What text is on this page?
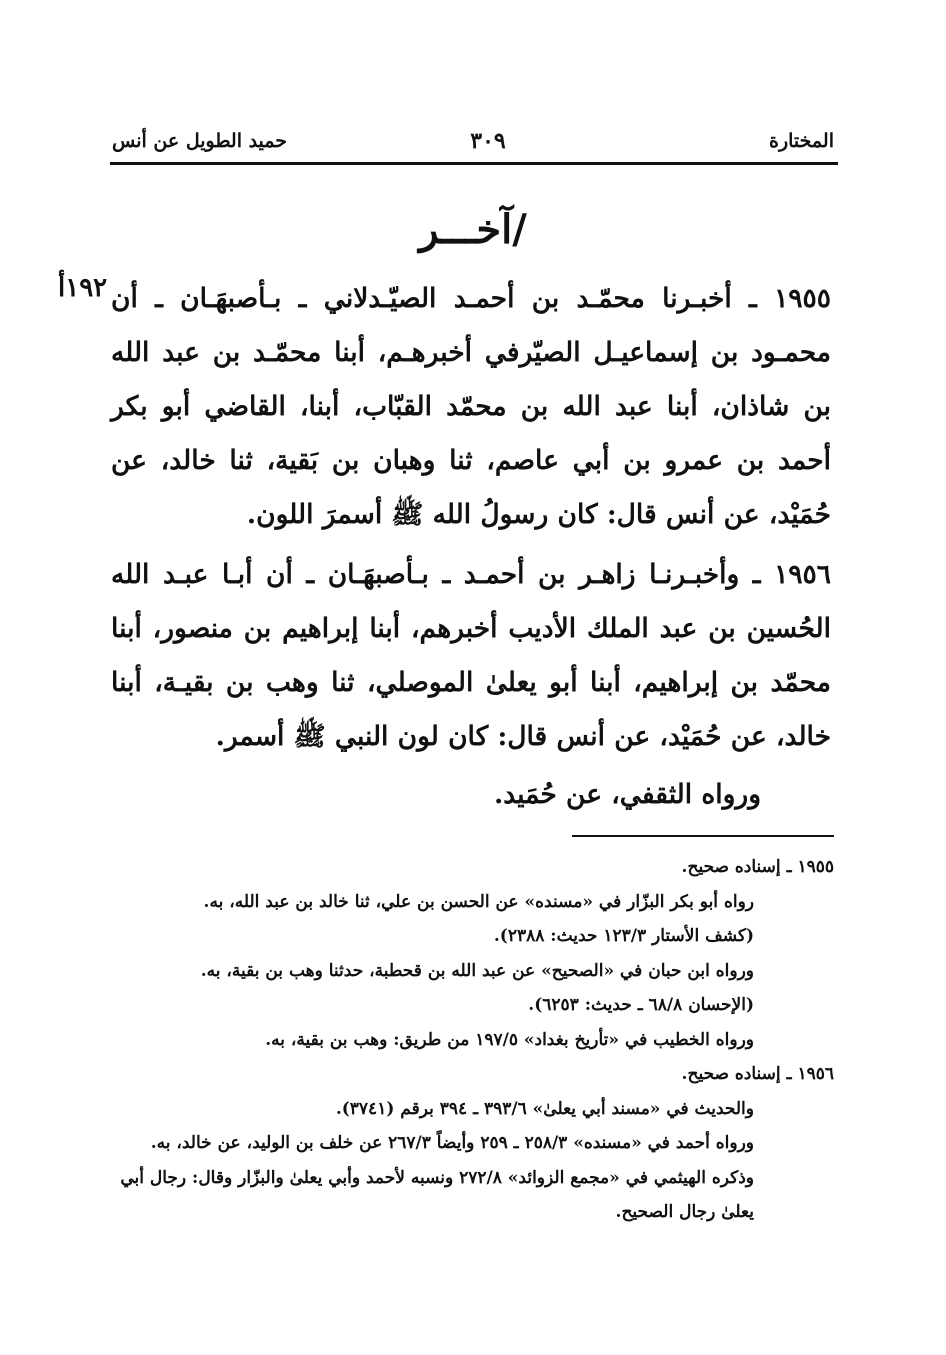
المختارة
٣٠٩
حميد الطويل عن أنس
/آخـــر
١٩٢أ ١٩٥٥ ـ أخبـرنا محمّـد بن أحمـد الصيّـدلاني ـ بـأصبهَـان ـ أن محمـود بن إسماعيـل الصيّرفي أخبرهـم، أبنا محمّـد بن عبد الله بن شاذان، أبنا عبد الله بن محمّد القبّاب، أبنا، القاضي أبو بكر أحمد بن عمرو بن أبي عاصم، ثنا وهبان بن بَقية، ثنا خالد، عن حُمَيْد، عن أنس قال: كان رسولُ الله ﷺ أسمرَ اللون.
١٩٥٦ ـ وأخبـرنـا زاهـر بن أحمـد ـ بـأصبهَـان ـ أن أبـا عبـد الله الحُسين بن عبد الملك الأديب أخبرهم، أبنا إبراهيم بن منصور، أبنا محمّد بن إبراهيم، أبنا أبو يعلىٰ الموصلي، ثنا وهب بن بقيـة، أبنا خالد، عن حُمَيْد، عن أنس قال: كان لون النبي ﷺ أسمر.
ورواه الثقفي، عن حُمَيد.
١٩٥٥ ـ إسناده صحيح.
رواه أبو بكر البزّار في «مسنده» عن الحسن بن علي، ثنا خالد بن عبد الله، به.
(كشف الأستار ١٢٣/٣ حديث: ٢٣٨٨).
ورواه ابن حبان في «الصحيح» عن عبد الله بن قحطبة، حدثنا وهب بن بقية، به.
(الإحسان ٦٨/٨ ـ حديث: ٦٢٥٣).
ورواه الخطيب في «تأريخ بغداد» ١٩٧/٥ من طريق: وهب بن بقية، به.
١٩٥٦ ـ إسناده صحيح.
والحديث في «مسند أبي يعلىٰ» ٣٩٣/٦ ـ ٣٩٤ برقم (٣٧٤١).
ورواه أحمد في «مسنده» ٢٥٨/٣ ـ ٢٥٩ وأيضاً ٢٦٧/٣ عن خلف بن الوليد، عن خالد، به.
وذكره الهيثمي في «مجمع الزوائد» ٢٧٢/٨ ونسبه لأحمد وأبي يعلىٰ والبزّار وقال: رجال أبي يعلىٰ رجال الصحيح.
